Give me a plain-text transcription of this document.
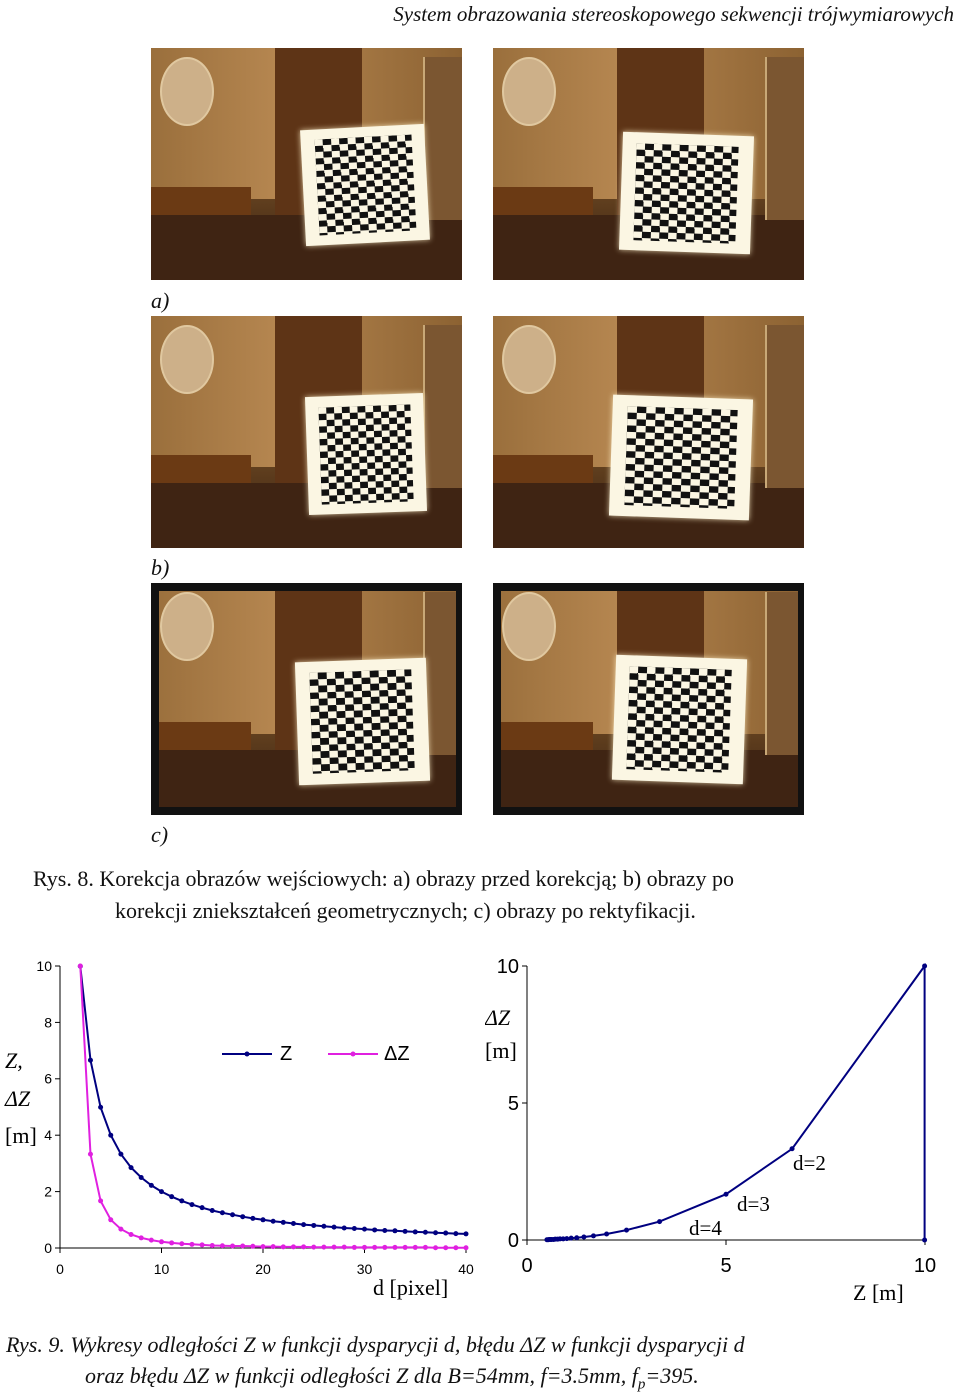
System obrazowania stereoskopowego sekwencji trójwymiarowych
a)
b)
c)
Rys. 8. Korekcja obrazów wejściowych: a) obrazy przed korekcją; b) obrazy po
korekcji zniekształceń geometrycznych; c) obrazy po rektyfikacji.
0
2
4
6
8
10
0	10	20	30	40
Z	ΔZ
Z,
ΔZ
[m]
d [pixel]
0
5
10
0	5	10
ΔZ
[m]
d=4
d=3
d=2
Z [m]
Rys. 9. Wykresy odległości Z w funkcji dysparycji d, błędu ΔZ w funkcji dysparycji d
oraz błędu ΔZ w funkcji odległości Z dla B=54mm, f=3.5mm, $f_p=395$.
